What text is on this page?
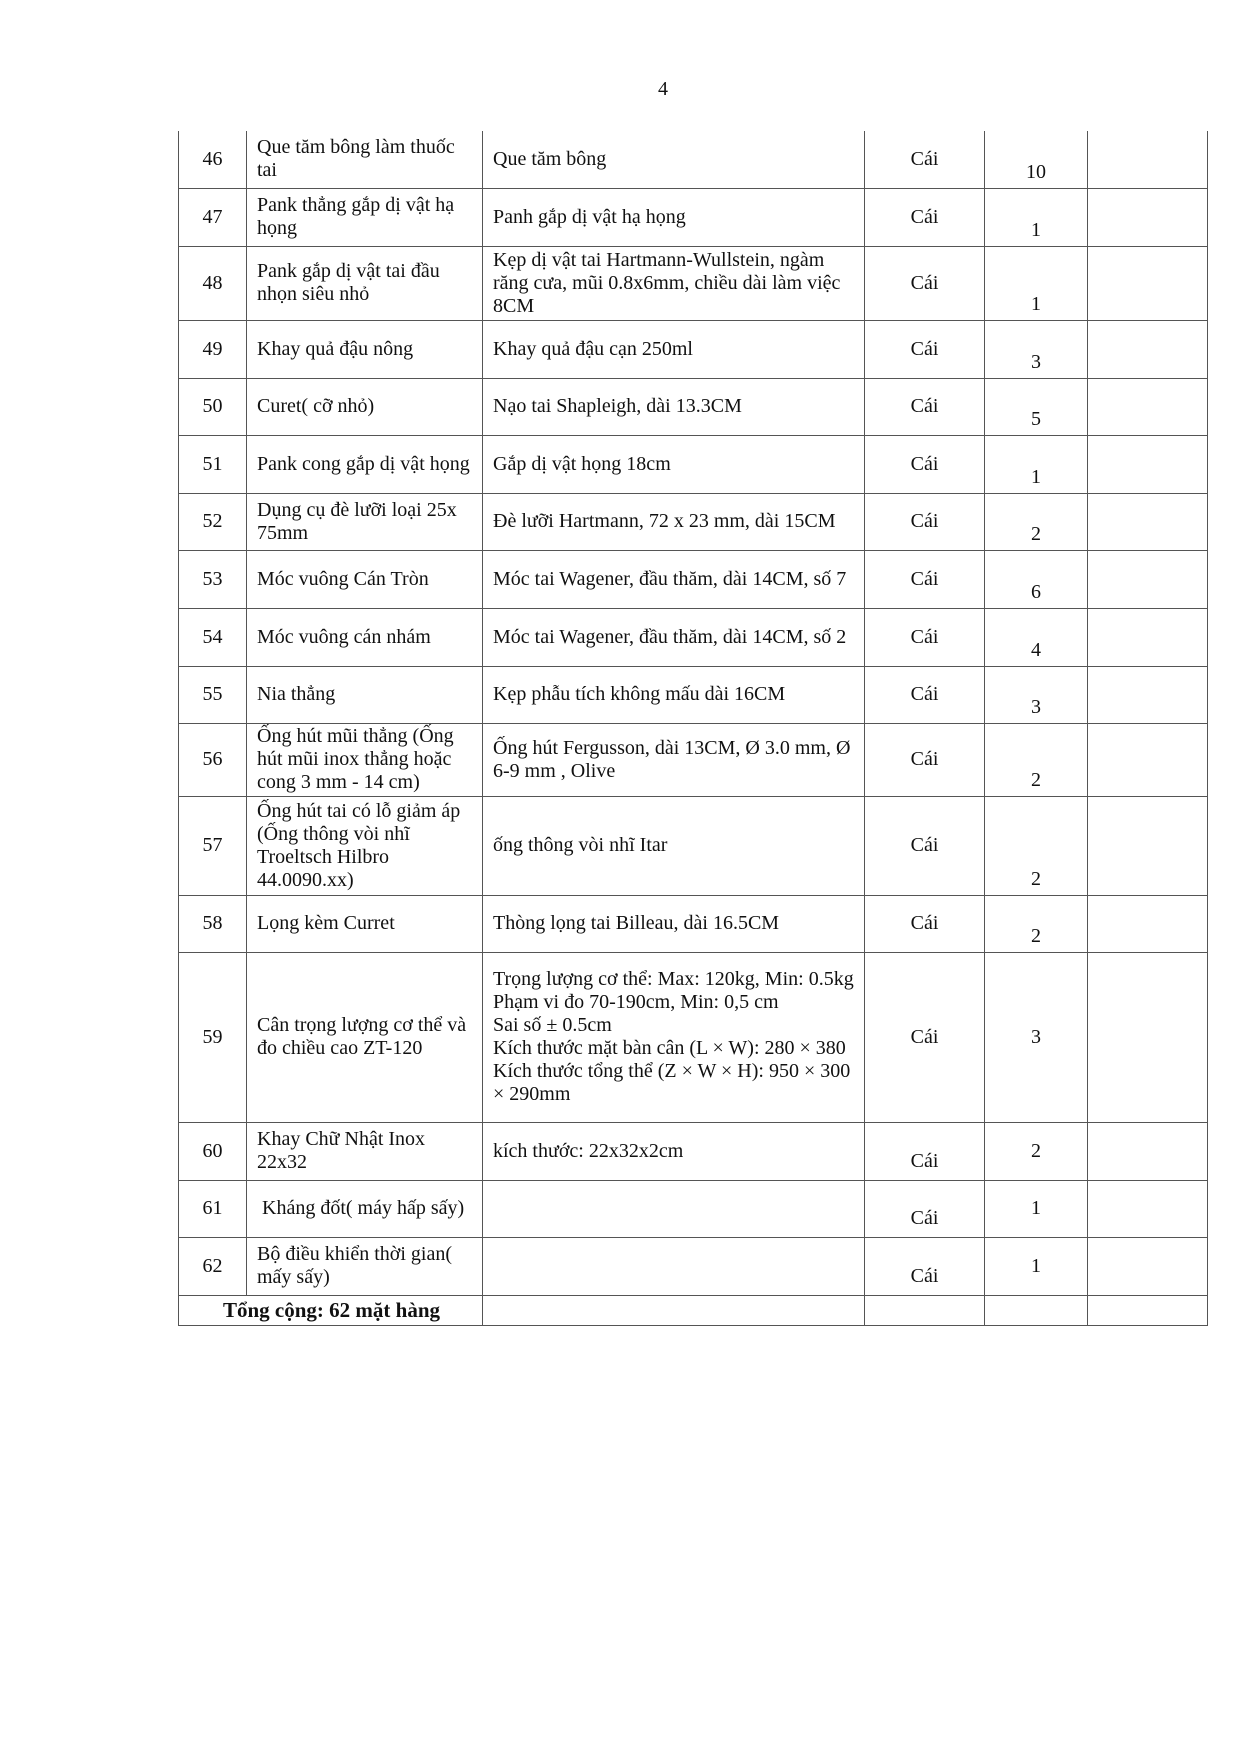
4
46	Que tăm bông làm thuốc tai	Que tăm bông	Cái	10	
47	Pank thẳng gắp dị vật hạ họng	Panh gắp dị vật hạ họng	Cái	1	
48	Pank gắp dị vật tai đầu nhọn siêu nhỏ	Kẹp dị vật tai Hartmann-Wullstein, ngàm răng cưa, mũi 0.8x6mm, chiều dài làm việc 8CM	Cái	1	
49	Khay quả đậu nông	Khay quả đậu cạn 250ml	Cái	3	
50	Curet( cỡ nhỏ)	Nạo tai Shapleigh, dài 13.3CM	Cái	5	
51	Pank cong gắp dị vật họng	Gắp dị vật họng 18cm	Cái	1	
52	Dụng cụ đè lưỡi loại 25x 75mm	Đè lưỡi Hartmann, 72 x 23 mm, dài 15CM	Cái	2	
53	Móc vuông Cán Tròn	Móc tai Wagener, đầu thăm, dài 14CM, số 7	Cái	6	
54	Móc vuông cán nhám	Móc tai Wagener, đầu thăm, dài 14CM, số 2	Cái	4	
55	Nia thẳng	Kẹp phẫu tích không mấu dài 16CM	Cái	3	
56	Ống hút mũi thẳng (Ống hút mũi inox thẳng hoặc cong 3 mm - 14 cm)	Ống hút Fergusson, dài 13CM, Ø 3.0 mm, Ø 6-9 mm , Olive	Cái	2	
57	Ống hút tai có lỗ giảm áp (Ống thông vòi nhĩ Troeltsch Hilbro 44.0090.xx)	ống thông vòi nhĩ Itar	Cái	2	
58	Lọng kèm Curret	Thòng lọng tai Billeau, dài 16.5CM	Cái	2	
59	Cân trọng lượng cơ thể và đo chiều cao ZT-120	Trọng lượng cơ thể: Max: 120kg, Min: 0.5kg
Phạm vi đo 70-190cm, Min: 0,5 cm
Sai số ± 0.5cm
Kích thước mặt bàn cân (L × W): 280 × 380 Kích thước tổng thể (Z × W × H): 950 × 300 × 290mm	Cái	3	
60	Khay Chữ Nhật Inox 22x32	kích thước: 22x32x2cm	Cái	2	
61	Kháng đốt( máy hấp sấy)		Cái	1	
62	Bộ điều khiển thời gian( mấy sấy)		Cái	1	
Tổng cộng: 62 mặt hàng					
